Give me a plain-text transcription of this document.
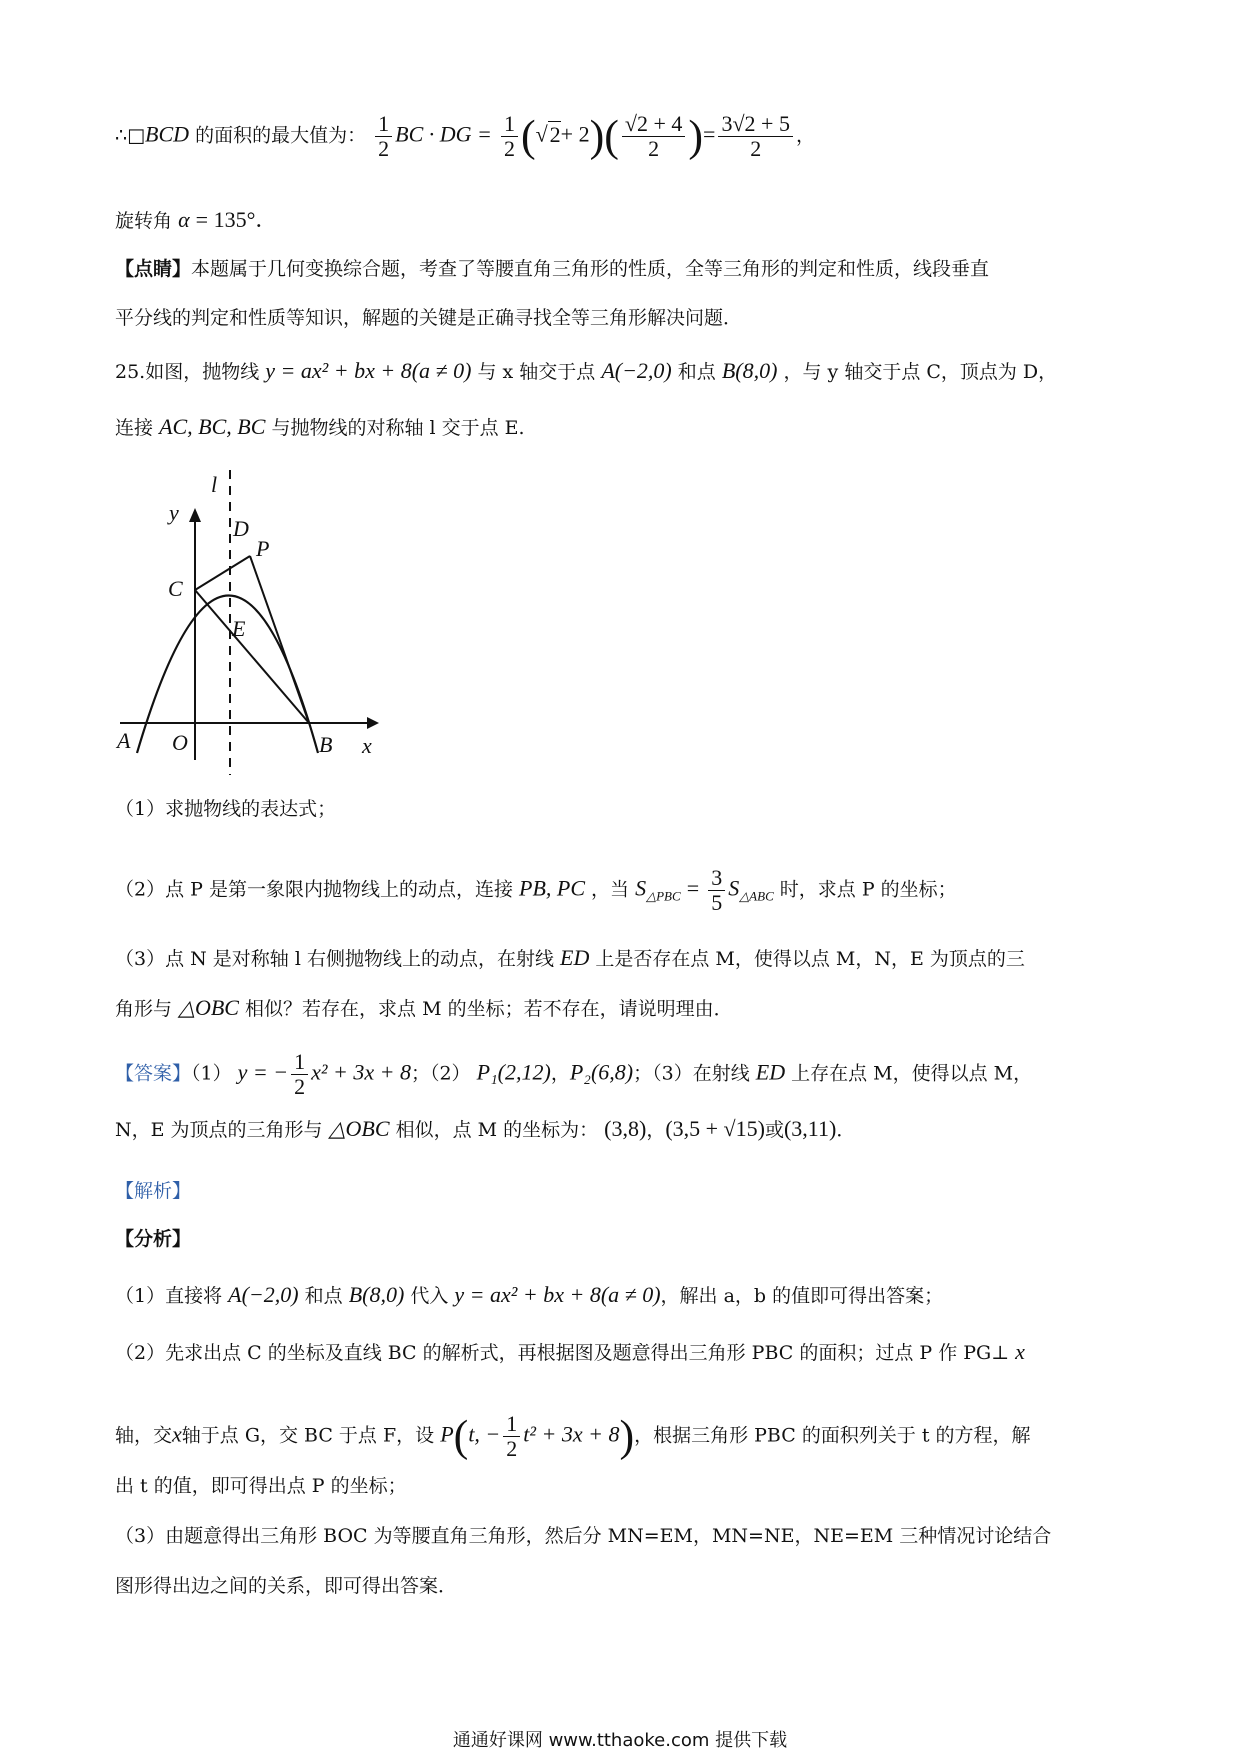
∴□BCD 的面积的最大值为： $\frac{1}{2}$ BC · DG = $\frac{1}{2} (√2+ 2)( \frac{√2 + 4}{2}$ )= $\frac{3√2 + 5}{2}$ ，
旋转角 α = 135°．
【点睛】本题属于几何变换综合题，考查了等腰直角三角形的性质，全等三角形的判定和性质，线段垂直
平分线的判定和性质等知识，解题的关键是正确寻找全等三角形解决问题．
25.如图，抛物线 y = ax² + bx + 8(a ≠ 0) 与 x 轴交于点 A(−2,0) 和点 B(8,0) ，与 y 轴交于点 C，顶点为 D，
连接 AC, BC, BC 与抛物线的对称轴 l 交于点 E.
l
y
x
D
P
C
E
A O	B
（1）求抛物线的表达式；
（2）点 P 是第一象限内抛物线上的动点，连接 PB, PC ，当 $S_{\triangle PBC} = \frac{3}{5} S_{\triangle ABC}$ 时，求点 P 的坐标；
（3）点 N 是对称轴 l 右侧抛物线上的动点，在射线 ED 上是否存在点 M，使得以点 M，N，E 为顶点的三
角形与 △OBC 相似？若存在，求点 M 的坐标；若不存在，请说明理由．
【答案】（1） y = − $\frac{1}{2} x^2 + 3x + 8$；（2） P₁(2,12)，P₂(6,8)；（3）在射线 ED 上存在点 M，使得以点 M，
N，E 为顶点的三角形与 △OBC 相似，点 M 的坐标为： (3,8)，(3,5 + √15)或(3,11)．
【解析】
【分析】
（1）直接将 A(−2,0) 和点 B(8,0) 代入 y = ax² + bx + 8(a ≠ 0)，解出 a，b 的值即可得出答案；
（2）先求出点 C 的坐标及直线 BC 的解析式，再根据图及题意得出三角形 PBC 的面积；过点 P 作 PG⊥ x
轴，交x轴于点 G，交 BC 于点 F，设 P(t, − $\frac{1}{2} t^2 + 3x + 8$)，根据三角形 PBC 的面积列关于 t 的方程，解
出 t 的值，即可得出点 P 的坐标；
（3）由题意得出三角形 BOC 为等腰直角三角形，然后分 MN=EM，MN=NE，NE=EM 三种情况讨论结合
图形得出边之间的关系，即可得出答案．
通通好课网 www.tthaoke.com 提供下载
